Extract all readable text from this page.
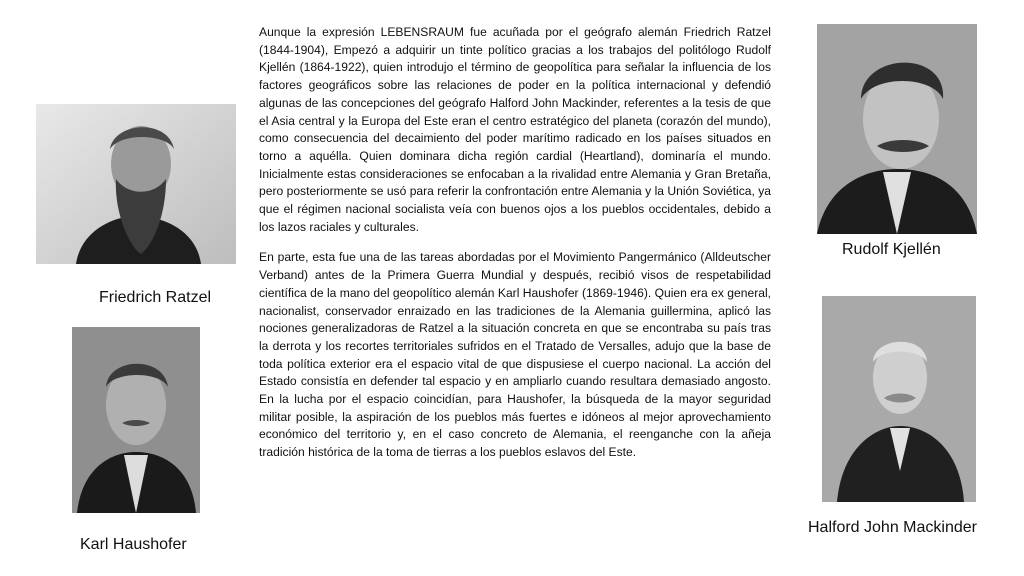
Friedrich Ratzel
Karl Haushofer
Rudolf Kjellén
Halford John Mackinder

Aunque la expresión LEBENSRAUM fue acuñada por el geógrafo alemán Friedrich Ratzel (1844-1904), Empezó a adquirir un tinte político gracias a los trabajos del politólogo Rudolf Kjellén (1864-1922), quien introdujo el término de geopolítica para señalar la influencia de los factores geográficos sobre las relaciones de poder en la política internacional y defendió algunas de las concepciones del geógrafo Halford John Mackinder, referentes a la tesis de que el Asia central y la Europa del Este eran el centro estratégico del planeta (corazón del mundo), como consecuencia del decaimiento del poder marítimo radicado en los países situados en torno a aquélla. Quien dominara dicha región cardial (Heartland), dominaría el mundo. Inicialmente estas consideraciones se enfocaban a la rivalidad entre Alemania y Gran Bretaña, pero posteriormente se usó para referir la confrontación entre Alemania y la Unión Soviética, ya que el régimen nacional socialista veía con buenos ojos a los pueblos occidentales, debido a los lazos raciales y culturales.

En parte, esta fue una de las tareas abordadas por el Movimiento Pangermánico (Alldeutscher Verband) antes de la Primera Guerra Mundial y después, recibió visos de respetabilidad científica de la mano del geopolítico alemán Karl Haushofer (1869-1946). Quien era ex general, nacionalist, conservador enraizado en las tradiciones de la Alemania guillermina, aplicó las nociones generalizadoras de Ratzel a la situación concreta en que se encontraba su país tras la derrota y los recortes territoriales sufridos en el Tratado de Versalles, adujo que la base de toda política exterior era el espacio vital de que dispusiese el cuerpo nacional. La acción del Estado consistía en defender tal espacio y en ampliarlo cuando resultara demasiado angosto. En la lucha por el espacio coincidían, para Haushofer, la búsqueda de la mayor seguridad militar posible, la aspiración de los pueblos más fuertes e idóneos al mejor aprovechamiento económico del territorio y, en el caso concreto de Alemania, el reenganche con la añeja tradición histórica de la toma de tierras a los pueblos eslavos del Este.
